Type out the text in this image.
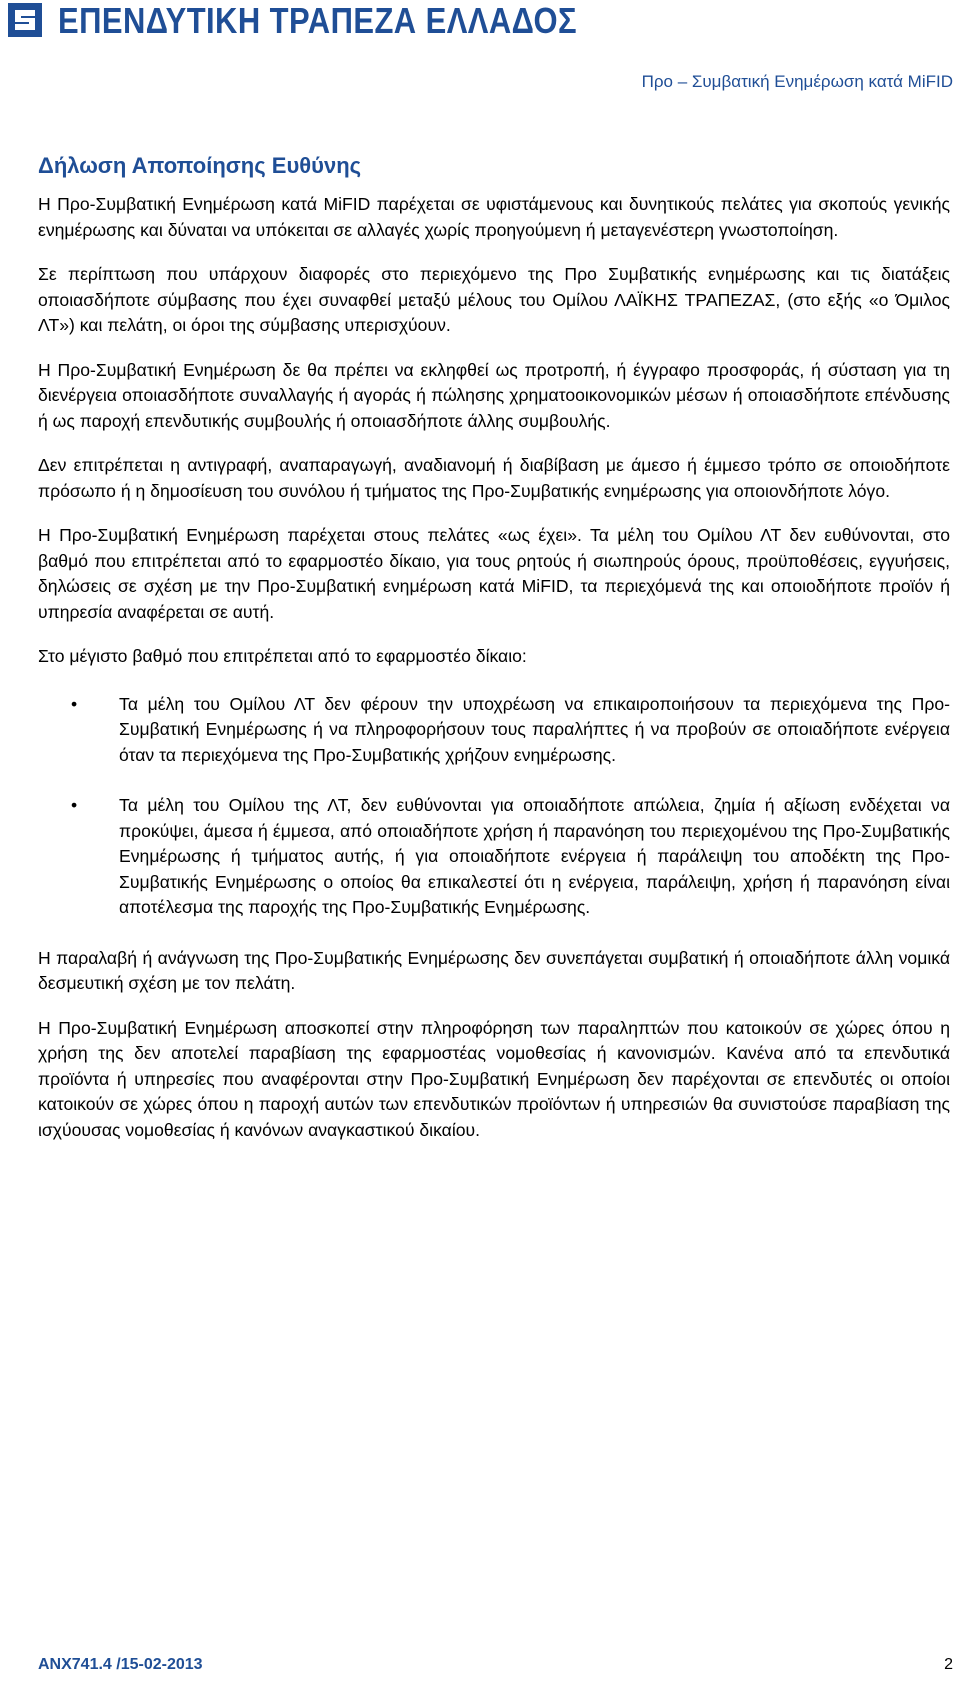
ΕΠΕΝΔΥΤΙΚΗ ΤΡΑΠΕΖΑ ΕΛΛΑΔΟΣ
Προ – Συμβατική Ενημέρωση κατά MiFID
Δήλωση Αποποίησης Ευθύνης

Η Προ-Συμβατική Ενημέρωση κατά MiFID παρέχεται σε υφιστάμενους και δυνητικούς πελάτες για σκοπούς γενικής ενημέρωσης και δύναται να υπόκειται σε αλλαγές χωρίς προηγούμενη ή μεταγενέστερη γνωστοποίηση.

Σε περίπτωση που υπάρχουν διαφορές στο περιεχόμενο της Προ Συμβατικής ενημέρωσης και τις διατάξεις οποιασδήποτε σύμβασης που έχει συναφθεί μεταξύ μέλους του Ομίλου ΛΑΪΚΗΣ ΤΡΑΠΕΖΑΣ, (στο εξής «ο Όμιλος ΛΤ») και πελάτη, οι όροι της σύμβασης υπερισχύουν.

Η Προ-Συμβατική Ενημέρωση δε θα πρέπει να εκληφθεί ως προτροπή, ή έγγραφο προσφοράς, ή σύσταση για τη διενέργεια οποιασδήποτε συναλλαγής ή αγοράς ή πώλησης χρηματοοικονομικών μέσων ή οποιασδήποτε επένδυσης ή ως παροχή επενδυτικής συμβουλής ή οποιασδήποτε άλλης συμβουλής.

Δεν επιτρέπεται η αντιγραφή, αναπαραγωγή, αναδιανομή ή διαβίβαση με άμεσο ή έμμεσο τρόπο σε οποιοδήποτε πρόσωπο ή η δημοσίευση του συνόλου ή τμήματος της Προ-Συμβατικής ενημέρωσης για οποιονδήποτε λόγο.

Η Προ-Συμβατική Ενημέρωση παρέχεται στους πελάτες «ως έχει». Τα μέλη του Ομίλου ΛΤ δεν ευθύνονται, στο βαθμό που επιτρέπεται από το εφαρμοστέο δίκαιο, για τους ρητούς ή σιωπηρούς όρους, προϋποθέσεις, εγγυήσεις, δηλώσεις σε σχέση με την Προ-Συμβατική ενημέρωση κατά MiFID, τα περιεχόμενά της και οποιοδήποτε προϊόν ή υπηρεσία αναφέρεται σε αυτή.

Στο μέγιστο βαθμό που επιτρέπεται από το εφαρμοστέο δίκαιο:

• Τα μέλη του Ομίλου ΛΤ δεν φέρουν την υποχρέωση να επικαιροποιήσουν τα περιεχόμενα της Προ-Συμβατική Ενημέρωσης ή να πληροφορήσουν τους παραλήπτες ή να προβούν σε οποιαδήποτε ενέργεια όταν τα περιεχόμενα της Προ-Συμβατικής χρήζουν ενημέρωσης.
• Τα μέλη του Ομίλου της ΛΤ, δεν ευθύνονται για οποιαδήποτε απώλεια, ζημία ή αξίωση ενδέχεται να προκύψει, άμεσα ή έμμεσα, από οποιαδήποτε χρήση ή παρανόηση του περιεχομένου της Προ-Συμβατικής Ενημέρωσης ή τμήματος αυτής, ή για οποιαδήποτε ενέργεια ή παράλειψη του αποδέκτη της Προ-Συμβατικής Ενημέρωσης ο οποίος θα επικαλεστεί ότι η ενέργεια, παράλειψη, χρήση ή παρανόηση είναι αποτέλεσμα της παροχής της Προ-Συμβατικής Ενημέρωσης.

Η παραλαβή ή ανάγνωση της Προ-Συμβατικής Ενημέρωσης δεν συνεπάγεται συμβατική ή οποιαδήποτε άλλη νομικά δεσμευτική σχέση με τον πελάτη.

Η Προ-Συμβατική Ενημέρωση αποσκοπεί στην πληροφόρηση των παραληπτών που κατοικούν σε χώρες όπου η χρήση της δεν αποτελεί παραβίαση της εφαρμοστέας νομοθεσίας ή κανονισμών. Κανένα από τα επενδυτικά προϊόντα ή υπηρεσίες που αναφέρονται στην Προ-Συμβατική Ενημέρωση δεν παρέχονται σε επενδυτές οι οποίοι κατοικούν σε χώρες όπου η παροχή αυτών των επενδυτικών προϊόντων ή υπηρεσιών θα συνιστούσε παραβίαση της ισχύουσας νομοθεσίας ή κανόνων αναγκαστικού δικαίου.

ANX741.4 /15-02-2013	2
